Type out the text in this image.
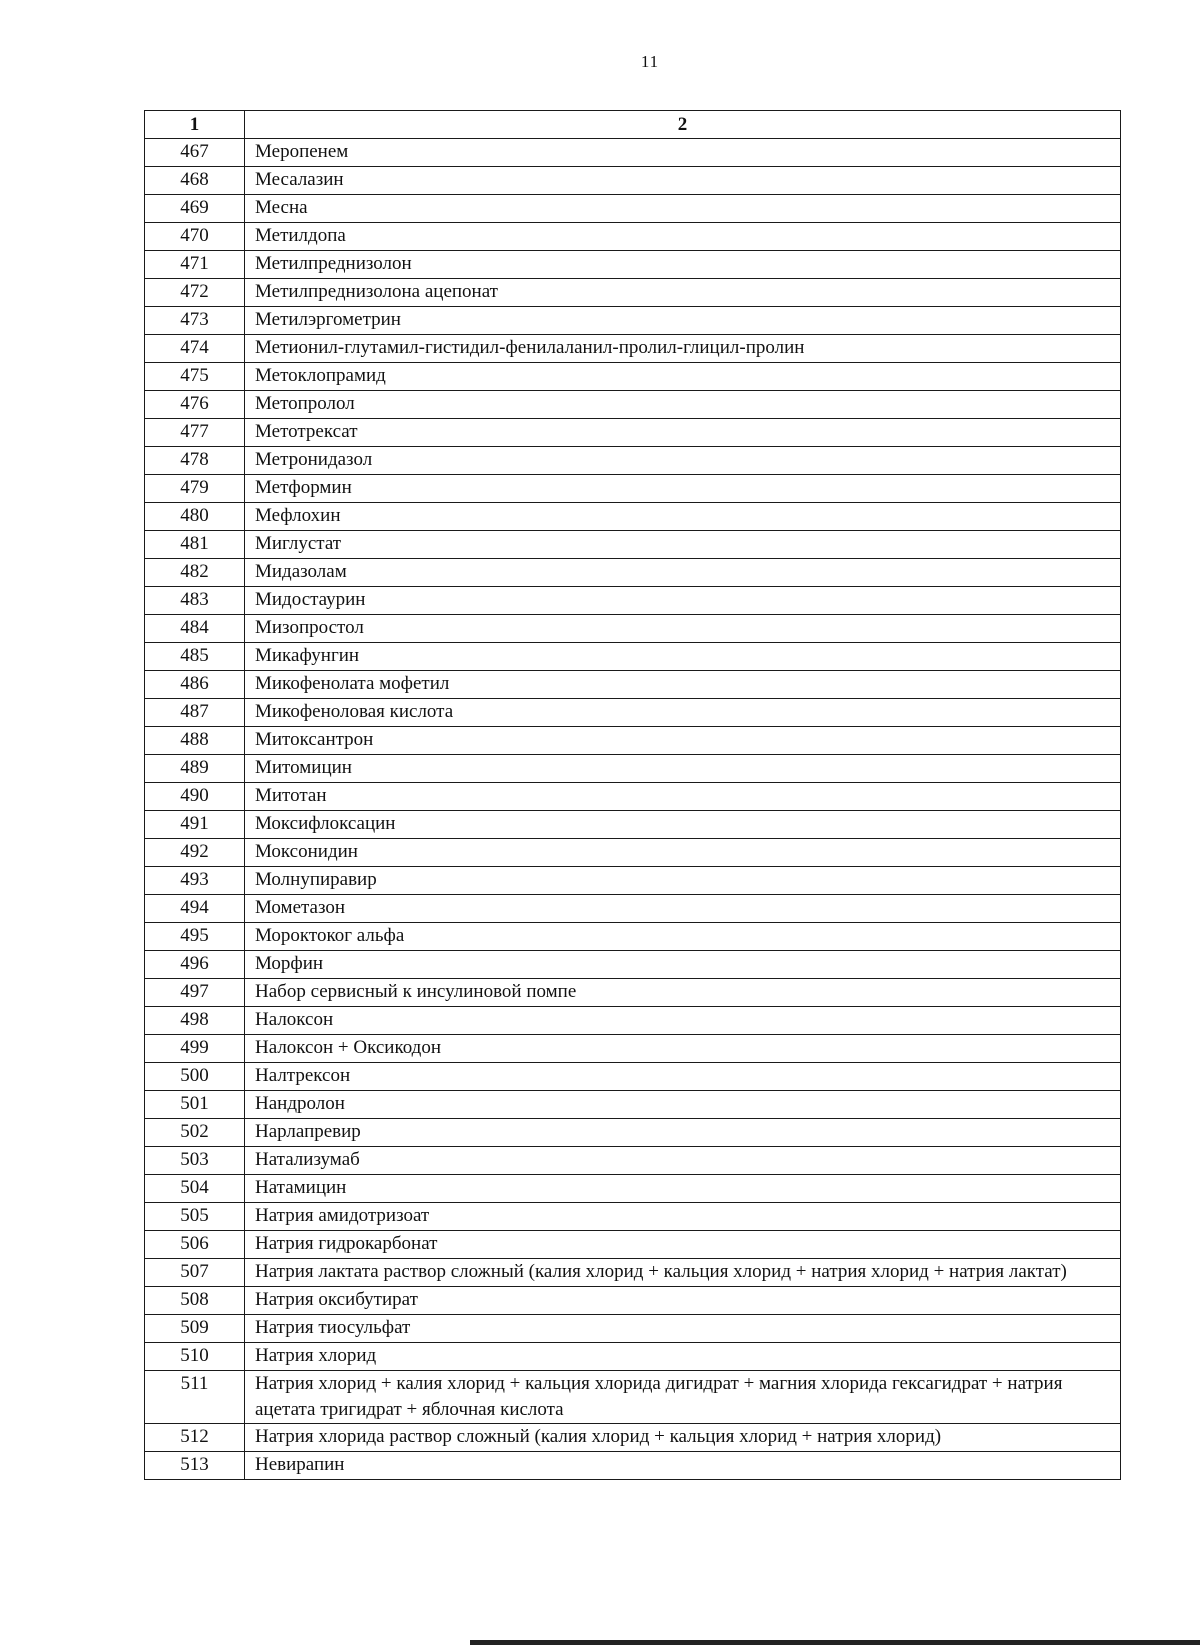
11
1	2
467	Меропенем
468	Месалазин
469	Месна
470	Метилдопа
471	Метилпреднизолон
472	Метилпреднизолона ацепонат
473	Метилэргометрин
474	Метионил-глутамил-гистидил-фенилаланил-пролил-глицил-пролин
475	Метоклопрамид
476	Метопролол
477	Метотрексат
478	Метронидазол
479	Метформин
480	Мефлохин
481	Миглустат
482	Мидазолам
483	Мидостаурин
484	Мизопростол
485	Микафунгин
486	Микофенолата мофетил
487	Микофеноловая кислота
488	Митоксантрон
489	Митомицин
490	Митотан
491	Моксифлоксацин
492	Моксонидин
493	Молнупиравир
494	Мометазон
495	Мороктоког альфа
496	Морфин
497	Набор сервисный к инсулиновой помпе
498	Налоксон
499	Налоксон + Оксикодон
500	Налтрексон
501	Нандролон
502	Нарлапревир
503	Натализумаб
504	Натамицин
505	Натрия амидотризоат
506	Натрия гидрокарбонат
507	Натрия лактата раствор сложный (калия хлорид + кальция хлорид + натрия хлорид + натрия лактат)
508	Натрия оксибутират
509	Натрия тиосульфат
510	Натрия хлорид
511	Натрия хлорид + калия хлорид + кальция хлорида дигидрат + магния хлорида гексагидрат + натрия ацетата тригидрат + яблочная кислота
512	Натрия хлорида раствор сложный (калия хлорид + кальция хлорид + натрия хлорид)
513	Невирапин
